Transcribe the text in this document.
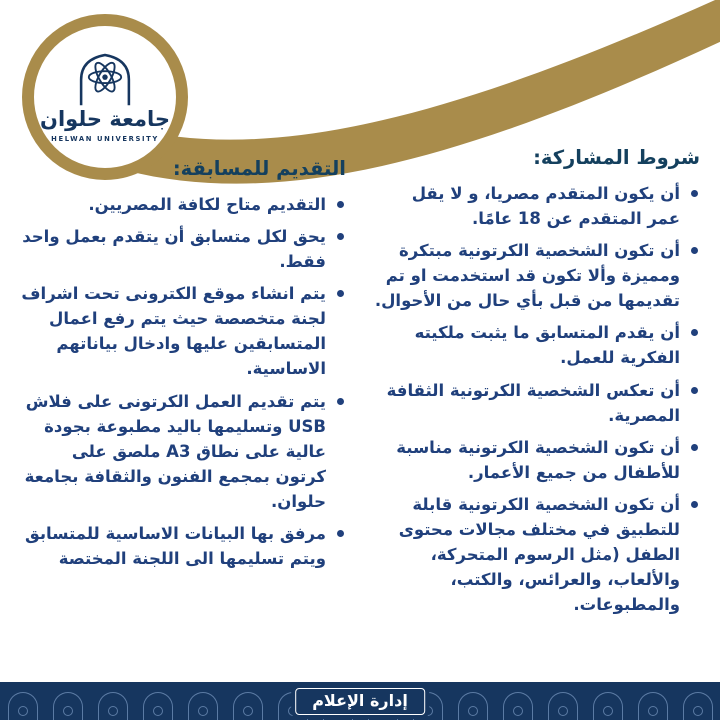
جامعة حلوان
HELWAN UNIVERSITY
شروط المشاركة:
أن يكون المتقدم مصريا، و لا يقل عمر المتقدم عن 18 عامًا.
أن تكون الشخصية الكرتونية مبتكرة ومميزة وألا تكون قد استخدمت او تم تقديمها من قبل بأي حال من الأحوال.
أن يقدم المتسابق ما يثبت ملكيته الفكرية للعمل.
أن تعكس الشخصية الكرتونية الثقافة المصرية.
أن تكون الشخصية الكرتونية مناسبة للأطفال من جميع الأعمار.
أن تكون الشخصية الكرتونية قابلة للتطبيق في مختلف مجالات محتوى الطفل (مثل الرسوم المتحركة، والألعاب، والعرائس، والكتب، والمطبوعات.
التقديم للمسابقة:
التقديم متاح لكافة المصريين.
يحق لكل متسابق أن يتقدم بعمل واحد فقط.
يتم انشاء موقع الكترونى تحت اشراف لجنة متخصصة حيث يتم رفع اعمال المتسابقين عليها وادخال بياناتهم الاساسية.
يتم تقديم العمل الكرتونى على فلاش USB وتسليمها باليد مطبوعة بجودة عالية على نطاق A3 ملصق على كرتون بمجمع الفنون والثقافة بجامعة حلوان.
مرفق بها البيانات الاساسية للمتسابق ويتم تسليمها الى اللجنة المختصة
إدارة الإعلام
